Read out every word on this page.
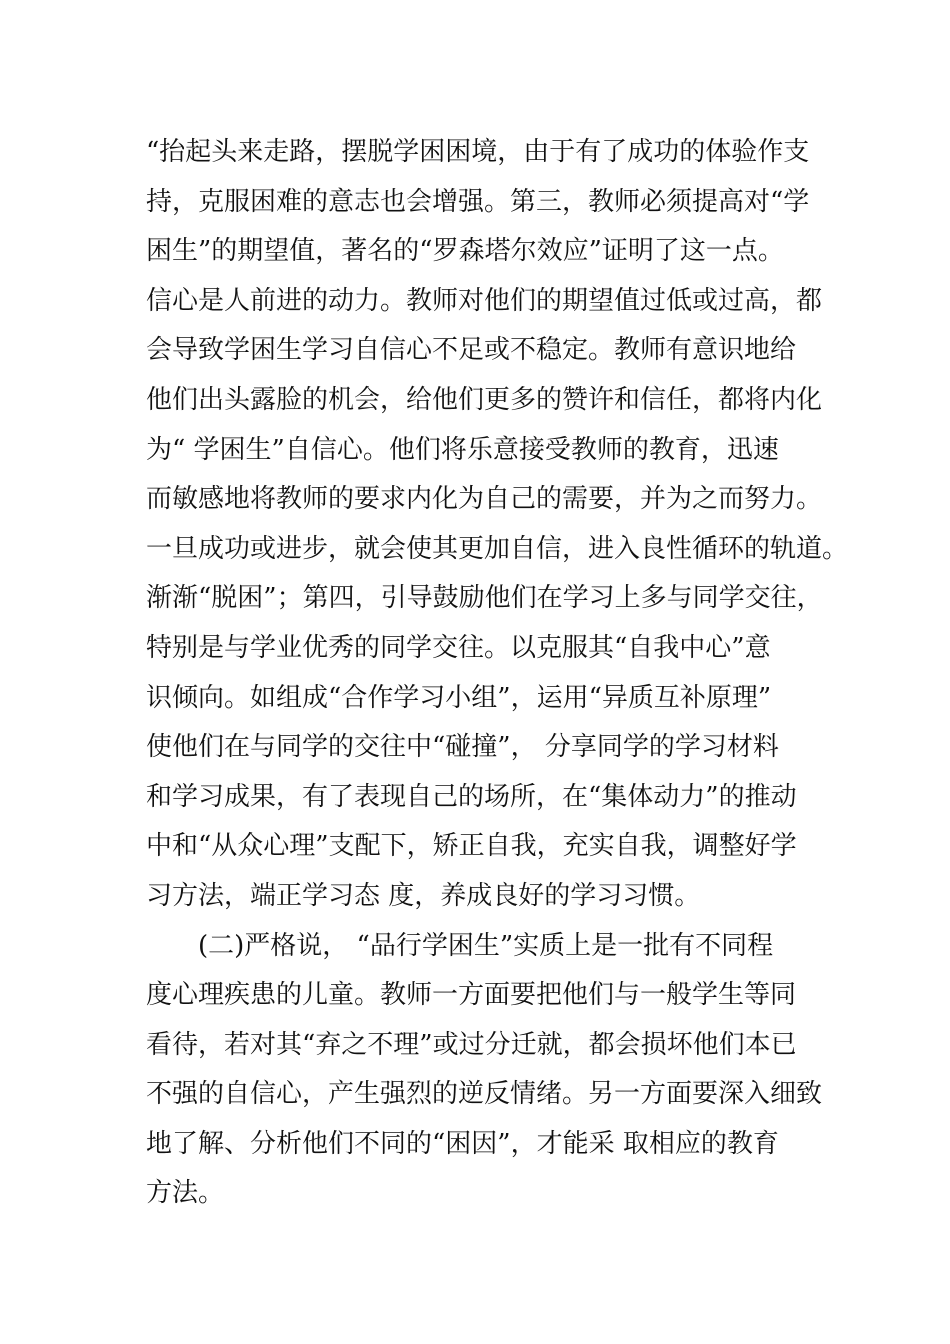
“抬起头来走路，摆脱学困困境，由于有了成功的体验作支
持，克服困难的意志也会增强。第三，教师必须提高对“学
困生”的期望值，著名的“罗森塔尔效应”证明了这一点。
信心是人前进的动力。教师对他们的期望值过低或过高，都
会导致学困生学习自信心不足或不稳定。教师有意识地给
他们出头露脸的机会，给他们更多的赞许和信任，都将内化
为“ 学困生”自信心。他们将乐意接受教师的教育，迅速
而敏感地将教师的要求内化为自己的需要，并为之而努力。
一旦成功或进步，就会使其更加自信，进入良性循环的轨道。
渐渐“脱困”；第四，引导鼓励他们在学习上多与同学交往，
特别是与学业优秀的同学交往。以克服其“自我中心”意
识倾向。如组成“合作学习小组”，运用“异质互补原理”
使他们在与同学的交往中“碰撞”， 分享同学的学习材料
和学习成果，有了表现自己的场所，在“集体动力”的推动
中和“从众心理”支配下，矫正自我，充实自我，调整好学
习方法，端正学习态 度，养成良好的学习习惯。
(二)严格说， “品行学困生”实质上是一批有不同程
度心理疾患的儿童。教师一方面要把他们与一般学生等同
看待，若对其“弃之不理”或过分迁就，都会损坏他们本已
不强的自信心，产生强烈的逆反情绪。另一方面要深入细致
地了解、分析他们不同的“困因”，才能采 取相应的教育
方法。
